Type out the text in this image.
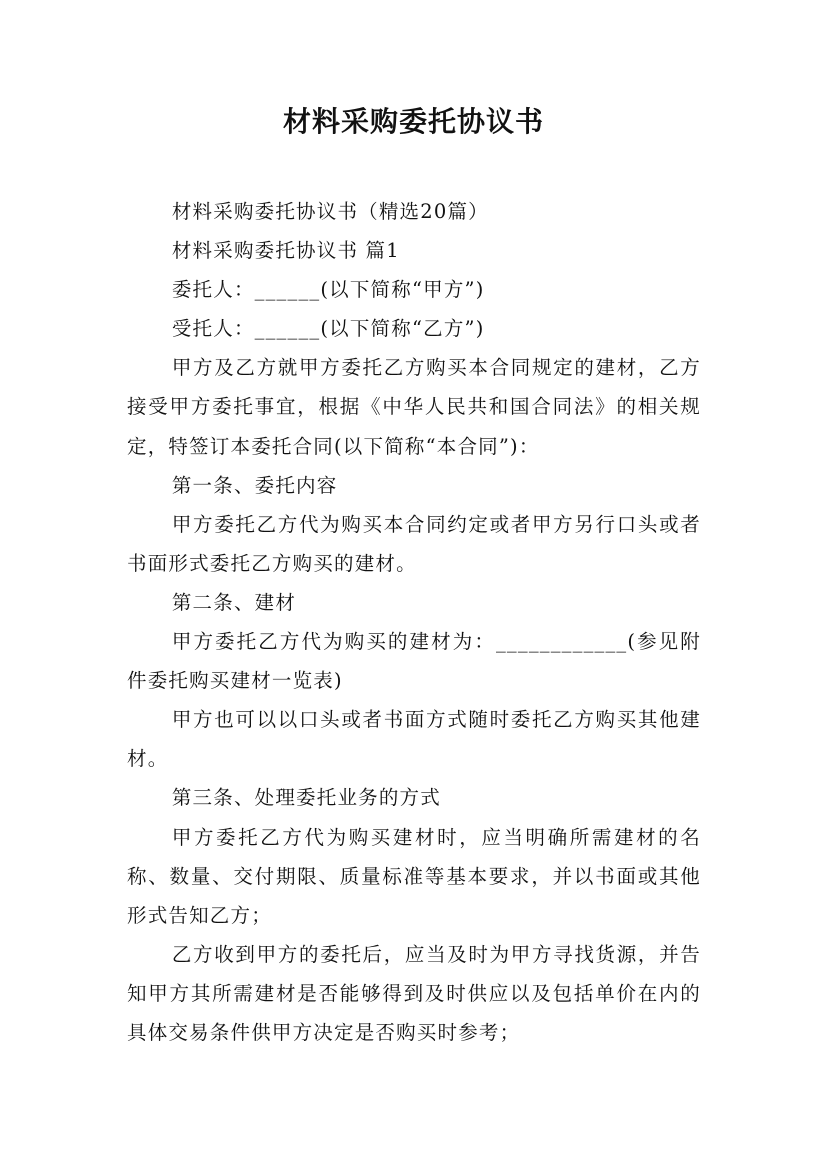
材料采购委托协议书

材料采购委托协议书（精选20篇）

材料采购委托协议书 篇1

委托人：______(以下简称“甲方”)

受托人：______(以下简称“乙方”)

甲方及乙方就甲方委托乙方购买本合同规定的建材，乙方接受甲方委托事宜，根据《中华人民共和国合同法》的相关规定，特签订本委托合同(以下简称“本合同”)：

第一条、委托内容

甲方委托乙方代为购买本合同约定或者甲方另行口头或者书面形式委托乙方购买的建材。

第二条、建材

甲方委托乙方代为购买的建材为：____________(参见附件委托购买建材一览表)

甲方也可以以口头或者书面方式随时委托乙方购买其他建材。

第三条、处理委托业务的方式

甲方委托乙方代为购买建材时，应当明确所需建材的名称、数量、交付期限、质量标准等基本要求，并以书面或其他形式告知乙方；

乙方收到甲方的委托后，应当及时为甲方寻找货源，并告知甲方其所需建材是否能够得到及时供应以及包括单价在内的具体交易条件供甲方决定是否购买时参考；
